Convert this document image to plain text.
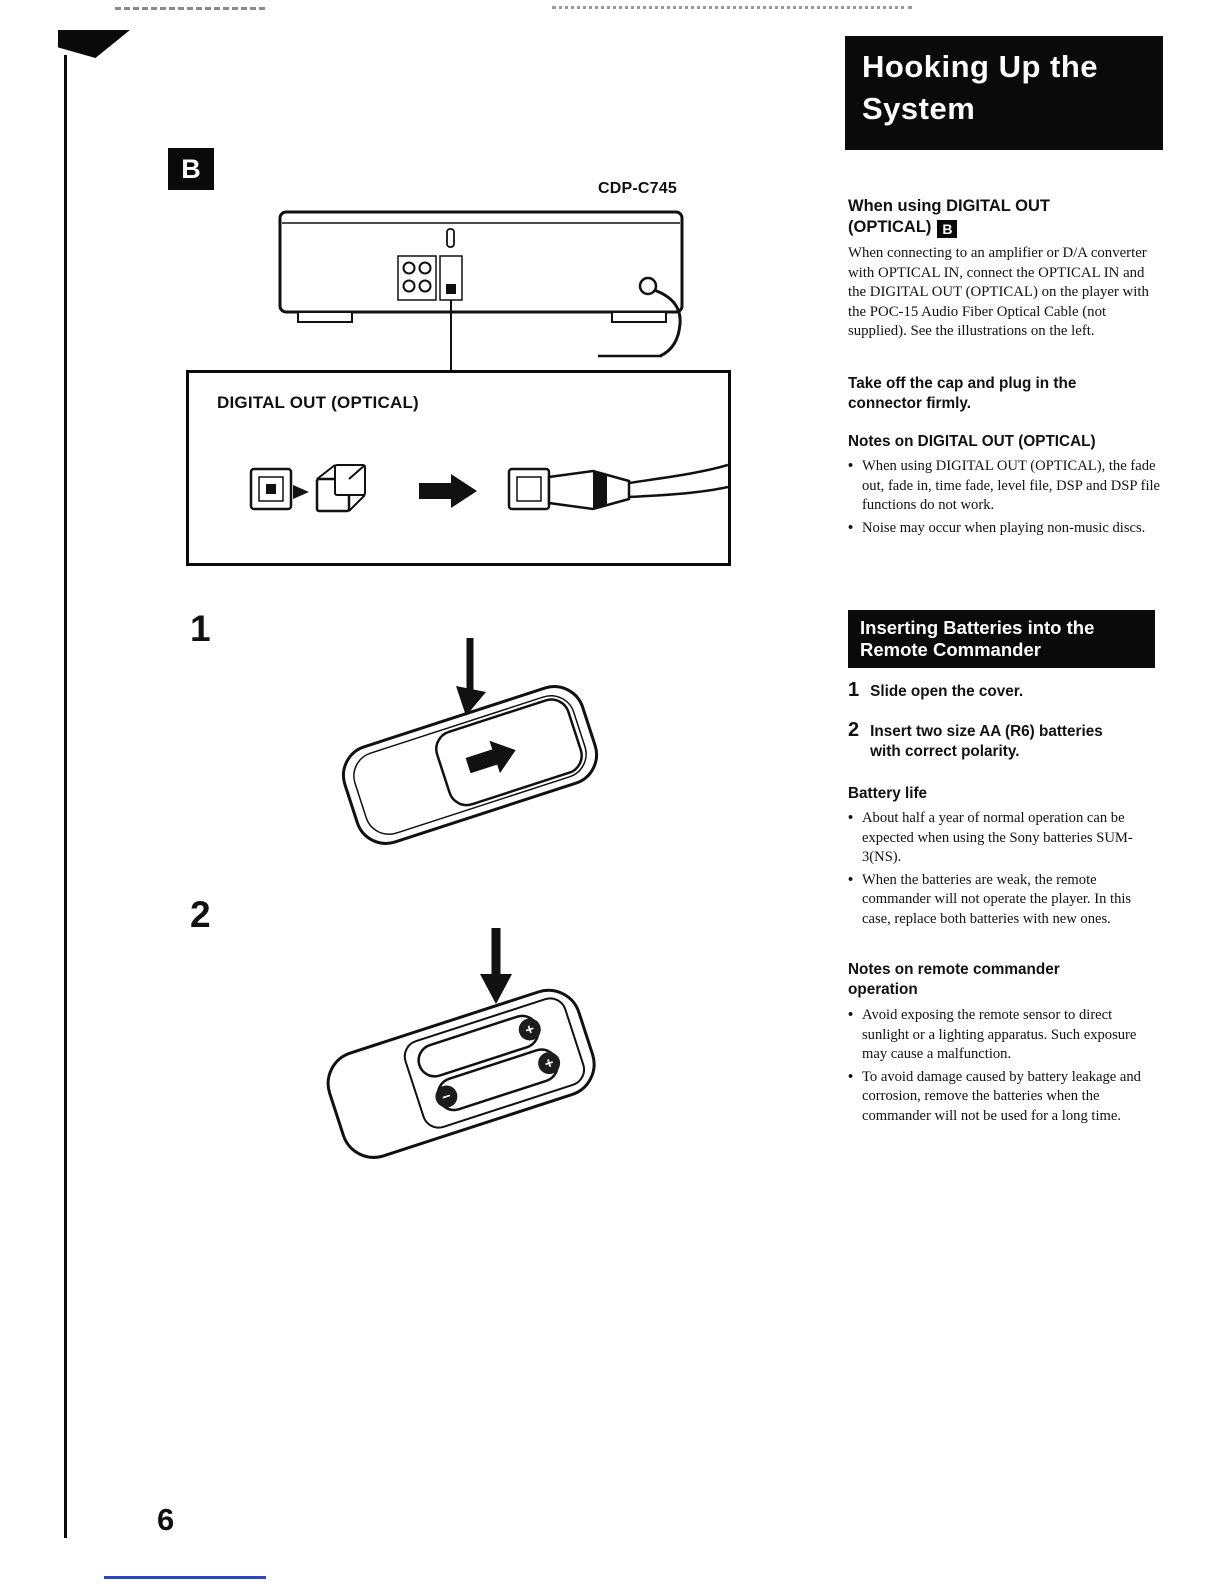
Hooking Up the
System
B
CDP-C745
DIGITAL OUT (OPTICAL)
1
2
+
−
+
When using DIGITAL OUT
(OPTICAL) B
When connecting to an amplifier or D/A converter with OPTICAL IN, connect the OPTICAL IN and the DIGITAL OUT (OPTICAL) on the player with the POC-15 Audio Fiber Optical Cable (not supplied). See the illustrations on the left.
Take off the cap and plug in the connector firmly.
Notes on DIGITAL OUT (OPTICAL)
• When using DIGITAL OUT (OPTICAL), the fade out, fade in, time fade, level file, DSP and DSP file functions do not work.
• Noise may occur when playing non-music discs.
Inserting Batteries into the
Remote Commander
1 Slide open the cover.
2 Insert two size AA (R6) batteries with correct polarity.
Battery life
• About half a year of normal operation can be expected when using the Sony batteries SUM-3(NS).
• When the batteries are weak, the remote commander will not operate the player. In this case, replace both batteries with new ones.
Notes on remote commander
operation
• Avoid exposing the remote sensor to direct sunlight or a lighting apparatus. Such exposure may cause a malfunction.
• To avoid damage caused by battery leakage and corrosion, remove the batteries when the commander will not be used for a long time.
6
